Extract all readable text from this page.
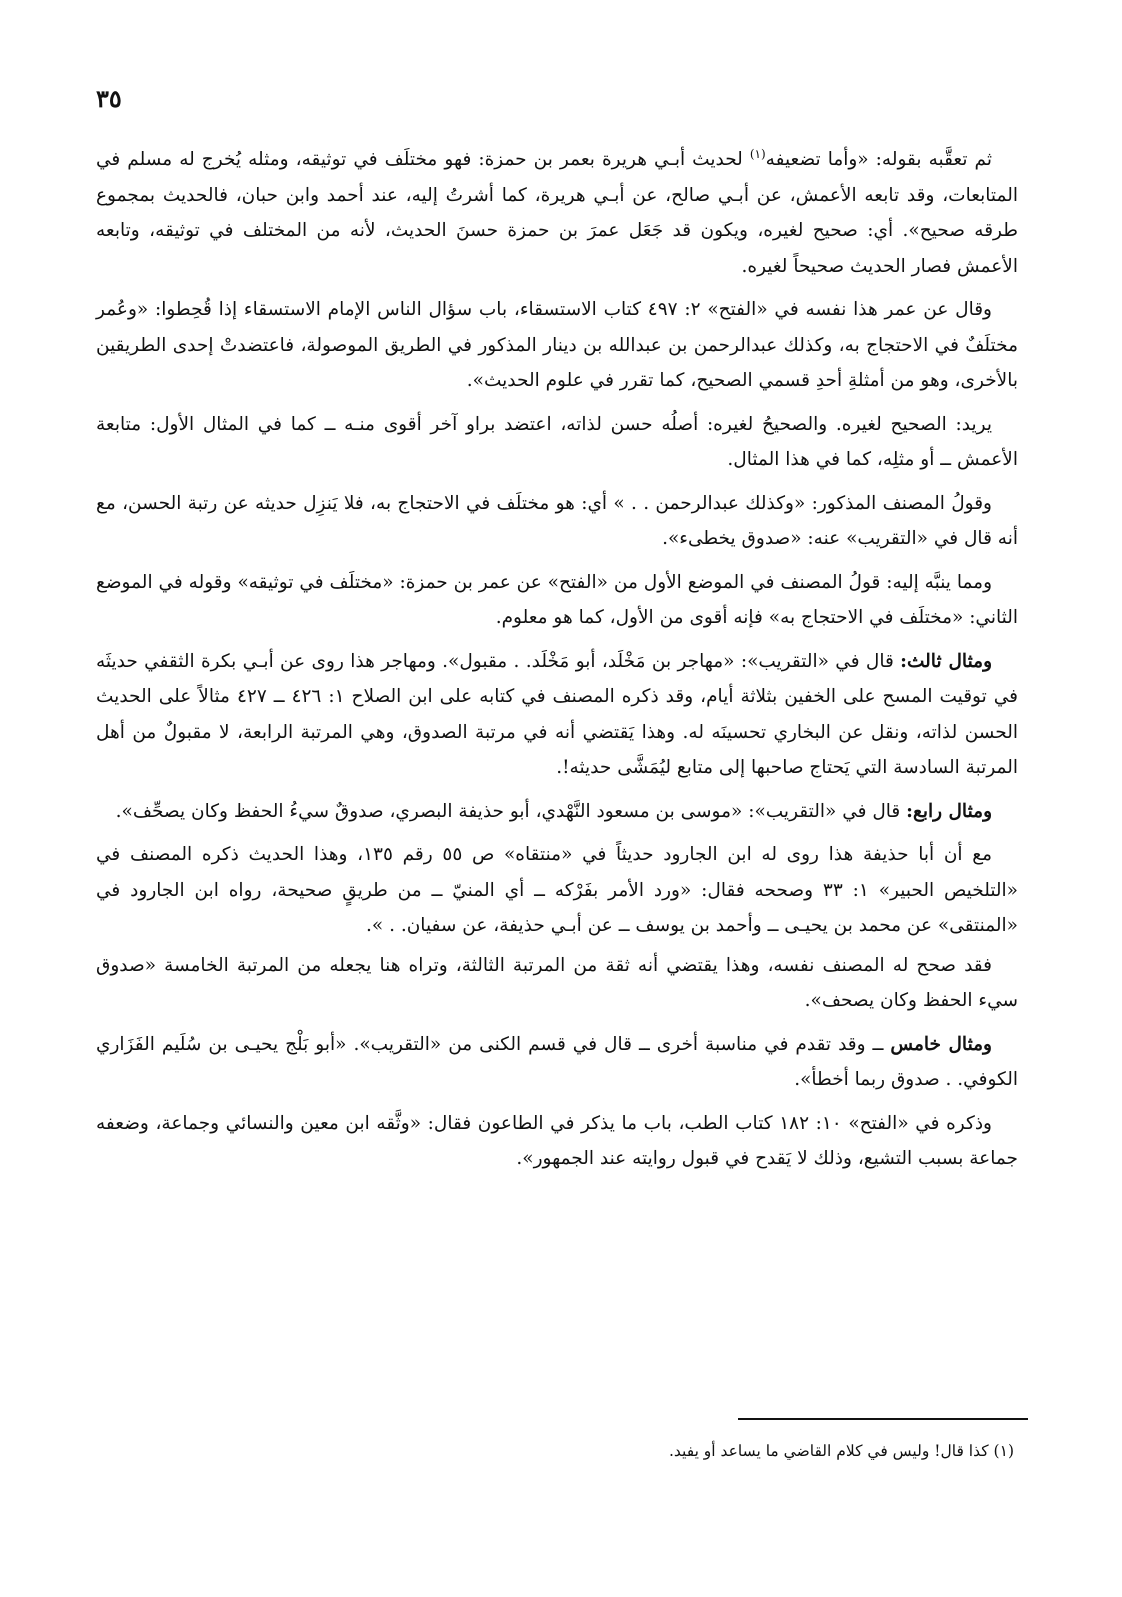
٣٥

ثم تعقَّبه بقوله: «وأما تضعيفه$^{(١)}$ لحديث أبـي هريرة بعمر بن حمزة: فهو مختلَف في توثيقه، ومثله يُخرج له مسلم في المتابعات، وقد تابعه الأعمش، عن أبـي صالح، عن أبـي هريرة، كما أشرتُ إليه، عند أحمد وابن حبان، فالحديث بمجموع طرقه صحيح». أي: صحيح لغيره، ويكون قد جَعَل عمرَ بن حمزة حسنَ الحديث، لأنه من المختلف في توثيقه، وتابعه الأعمش فصار الحديث صحيحاً لغيره.

وقال عن عمر هذا نفسه في «الفتح» ٢: ٤٩٧ كتاب الاستسقاء، باب سؤال الناس الإمام الاستسقاء إذا قُحِطوا: «وعُمر مختلَفٌ في الاحتجاج به، وكذلك عبدالرحمن بن عبدالله بن دينار المذكور في الطريق الموصولة، فاعتضدتْ إحدى الطريقين بالأخرى، وهو من أمثلةِ أحدِ قسمي الصحيح، كما تقرر في علوم الحديث».

يريد: الصحيح لغيره. والصحيحُ لغيره: أصلُه حسن لذاته، اعتضد براو آخر أقوى منـه ــ كما في المثال الأول: متابعة الأعمش ــ أو مثلِه، كما في هذا المثال.

وقولُ المصنف المذكور: «وكذلك عبدالرحمن . . » أي: هو مختلَف في الاحتجاج به، فلا يَنزِل حديثه عن رتبة الحسن، مع أنه قال في «التقريب» عنه: «صدوق يخطىء».

ومما ينبَّه إليه: قولُ المصنف في الموضع الأول من «الفتح» عن عمر بن حمزة: «مختلَف في توثيقه» وقوله في الموضع الثاني: «مختلَف في الاحتجاج به» فإنه أقوى من الأول، كما هو معلوم.

ومثال ثالث: قال في «التقريب»: «مهاجر بن مَخْلَد، أبو مَخْلَد. . مقبول». ومهاجر هذا روى عن أبـي بكرة الثقفي حديثَه في توقيت المسح على الخفين بثلاثة أيام، وقد ذكره المصنف في كتابه على ابن الصلاح ١: ٤٢٦ ــ ٤٢٧ مثالاً على الحديث الحسن لذاته، ونقل عن البخاري تحسينَه له. وهذا يَقتضي أنه في مرتبة الصدوق، وهي المرتبة الرابعة، لا مقبولٌ من أهل المرتبة السادسة التي يَحتاج صاحبها إلى متابع ليُمَشَّى حديثه!.

ومثال رابع: قال في «التقريب»: «موسى بن مسعود النَّهْدي، أبو حذيفة البصري، صدوقٌ سيءُ الحفظ وكان يصحِّف».

مع أن أبا حذيفة هذا روى له ابن الجارود حديثاً في «منتقاه» ص ٥٥ رقم ١٣٥، وهذا الحديث ذكره المصنف في «التلخيص الحبير» ١: ٣٣ وصححه فقال: «ورد الأمر بفَرْكه ــ أي المنيّ ــ من طريقٍ صحيحة، رواه ابن الجارود في «المنتقى» عن محمد بن يحيـى ــ وأحمد بن يوسف ــ عن أبـي حذيفة، عن سفيان. . ».

فقد صحح له المصنف نفسه، وهذا يقتضي أنه ثقة من المرتبة الثالثة، وتراه هنا يجعله من المرتبة الخامسة «صدوق سيء الحفظ وكان يصحف».

ومثال خامس ــ وقد تقدم في مناسبة أخرى ــ قال في قسم الكنى من «التقريب». «أبو بَلْج يحيـى بن سُلَيم الفَزَاري الكوفي. . صدوق ربما أخطأ».

وذكره في «الفتح» ١٠: ١٨٢ كتاب الطب، باب ما يذكر في الطاعون فقال: «وثَّقه ابن معين والنسائي وجماعة، وضعفه جماعة بسبب التشيع، وذلك لا يَقدح في قبول روايته عند الجمهور».

(١) كذا قال! وليس في كلام القاضي ما يساعد أو يفيد.
